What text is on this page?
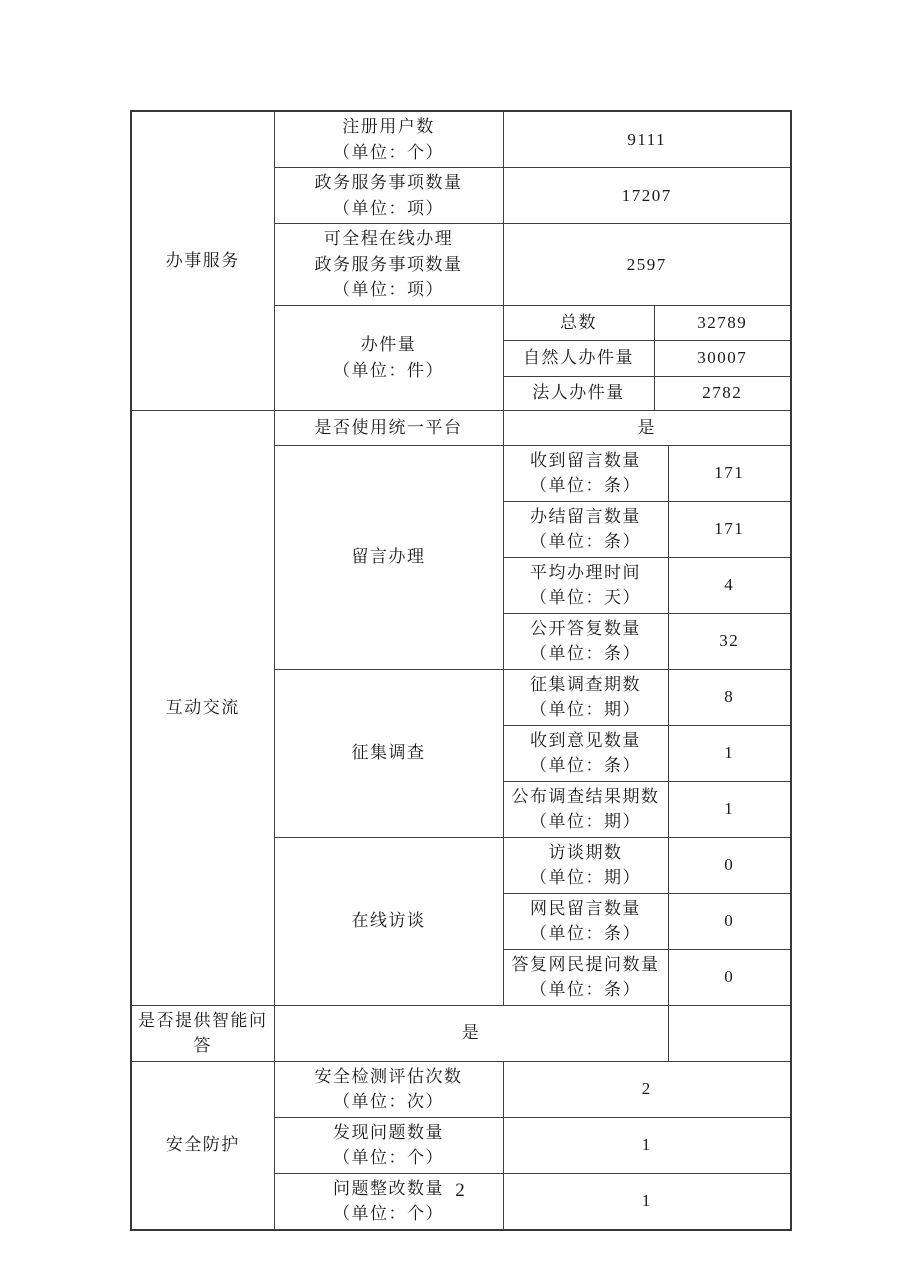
办事服务	注册用户数
（单位：个）	9111		

	政务服务事项数量
（单位：项）	17207		

	可全程在线办理
政务服务事项数量
（单位：项）	2597		

	办件量
（单位：件）	总数	32789	
		自然人办件量	30007	
		法人办件量	2782	
互动交流	是否使用统一平台	是		
	留言办理	收到留言数量
（单位：条）		171

		办结留言数量
（单位：条）		171

		平均办理时间
（单位：天）		4

		公开答复数量
（单位：条）		32
	征集调查	征集调查期数
（单位：期）		8

		收到意见数量
（单位：条）		1

		公布调查结果期数
（单位：期）		1
	在线访谈	访谈期数
（单位：期）		0

		网民留言数量
（单位：条）		0

		答复网民提问数量
（单位：条）		0
是否提供智能问答	是			
安全防护	安全检测评估次数
（单位：次）	2		

	发现问题数量
（单位：个）	1		

	问题整改数量
（单位：个）	1		
2
